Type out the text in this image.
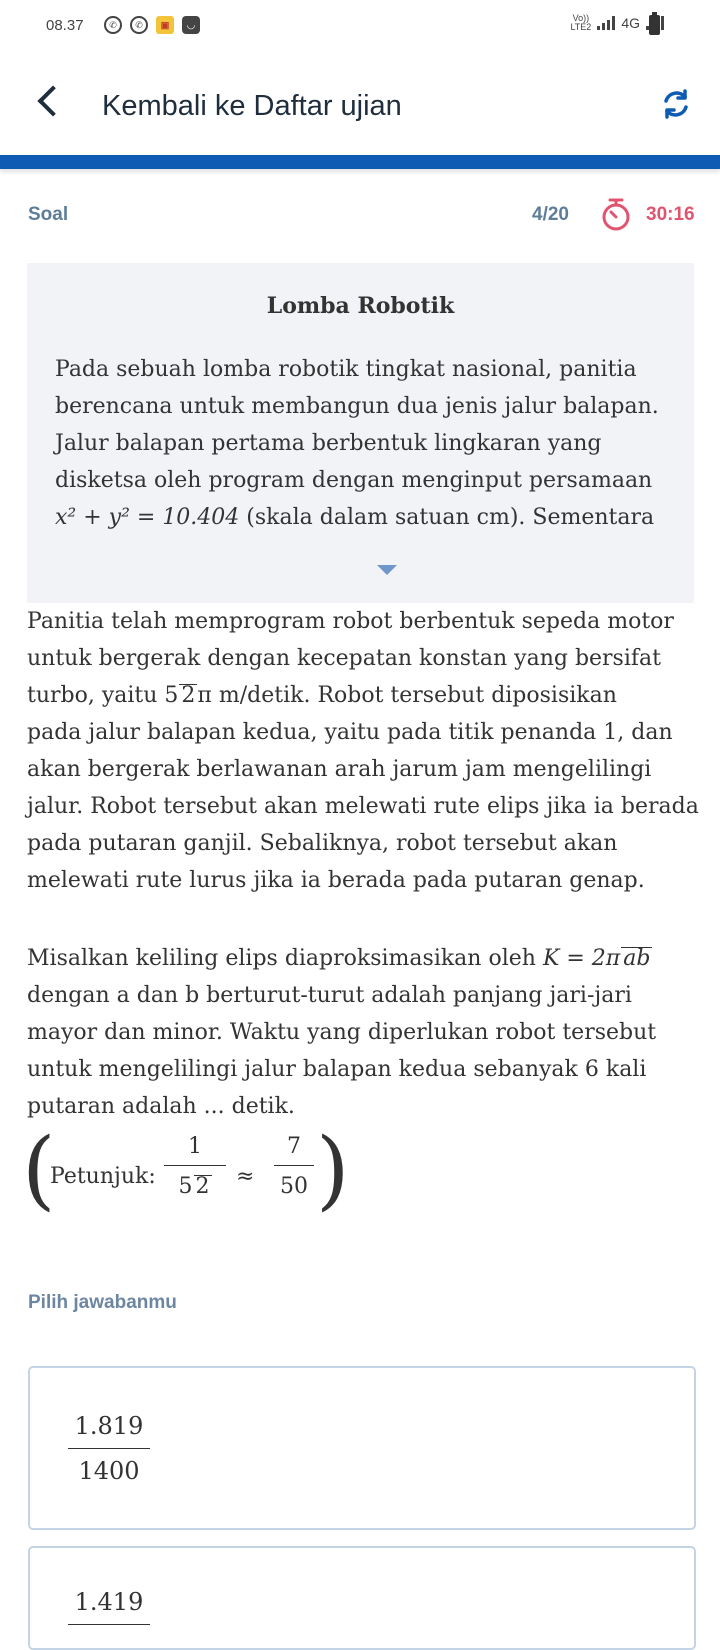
08.37	✆	✆	▣	◡
Vo))
LTE2 4G
Kembali ke Daftar ujian
Soal	4/20	30:16
Lomba Robotik
Pada sebuah lomba robotik tingkat nasional, panitia
berencana untuk membangun dua jenis jalur balapan.
Jalur balapan pertama berbentuk lingkaran yang
disketsa oleh program dengan menginput persamaan
x² + y² = 10.404 (skala dalam satuan cm). Sementara
Panitia telah memprogram robot berbentuk sepeda motor
untuk bergerak dengan kecepatan konstan yang bersifat
turbo, yaitu 5 2π m/detik. Robot tersebut diposisikan
pada jalur balapan kedua, yaitu pada titik penanda 1, dan
akan bergerak berlawanan arah jarum jam mengelilingi
jalur. Robot tersebut akan melewati rute elips jika ia berada
pada putaran ganjil. Sebaliknya, robot tersebut akan
melewati rute lurus jika ia berada pada putaran genap.
Misalkan keliling elips diaproksimasikan oleh K = 2π ab
dengan a dan b berturut-turut adalah panjang jari-jari
mayor dan minor. Waktu yang diperlukan robot tersebut
untuk mengelilingi jalur balapan kedua sebanyak 6 kali
putaran adalah ... detik.
(
Petunjuk: $\frac{1}{5 2} \approx \frac{7}{50}$ )
Pilih jawabanmu
$\frac{1.819}{1400}$
1.419
